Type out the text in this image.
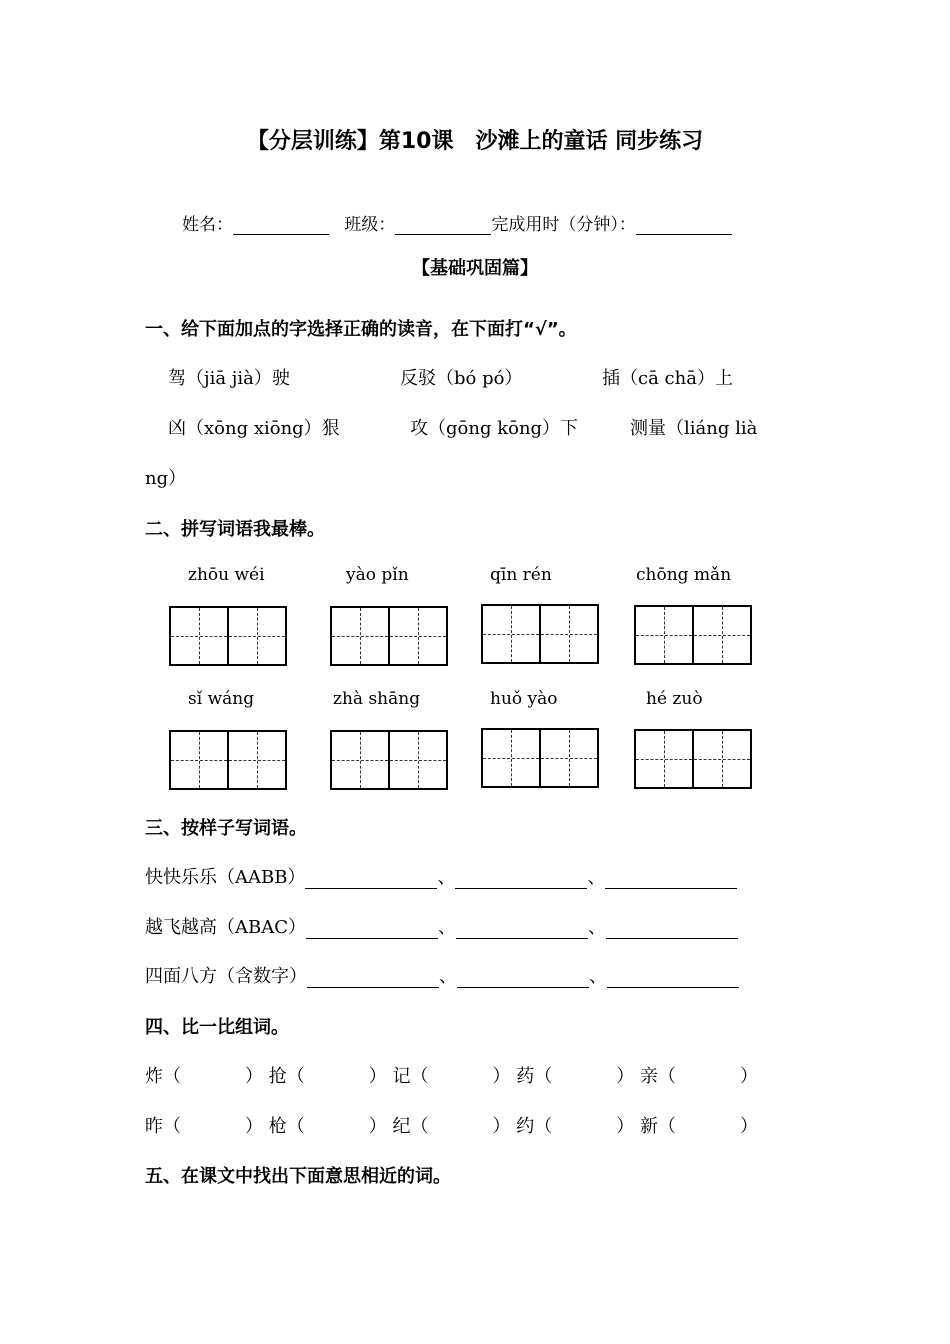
【分层训练】第10课　沙滩上的童话 同步练习
姓名：	班级：	完成用时（分钟）：
【基础巩固篇】
一、给下面加点的字选择正确的读音，在下面打“√”。
驾（jiā jià）驶	反驳（bó pó）	插（cā chā）上
凶（xōng xiōng）狠	攻（gōng kōng）下	测量（liáng lià
ng）
二、拼写词语我最棒。
zhōu wéi	yào pǐn	qīn rén	chōng mǎn
sǐ wáng	zhà shāng	huǒ yào	hé zuò
三、按样子写词语。
快快乐乐（AABB）	、	、
越飞越高（ABAC）	、	、
四面八方（含数字）	、	、
四、比一比组词。
炸（	） 抢（	） 记（	） 药（	） 亲（	）
昨（	） 枪（	） 纪（	） 约（	） 新（	）
五、在课文中找出下面意思相近的词。
